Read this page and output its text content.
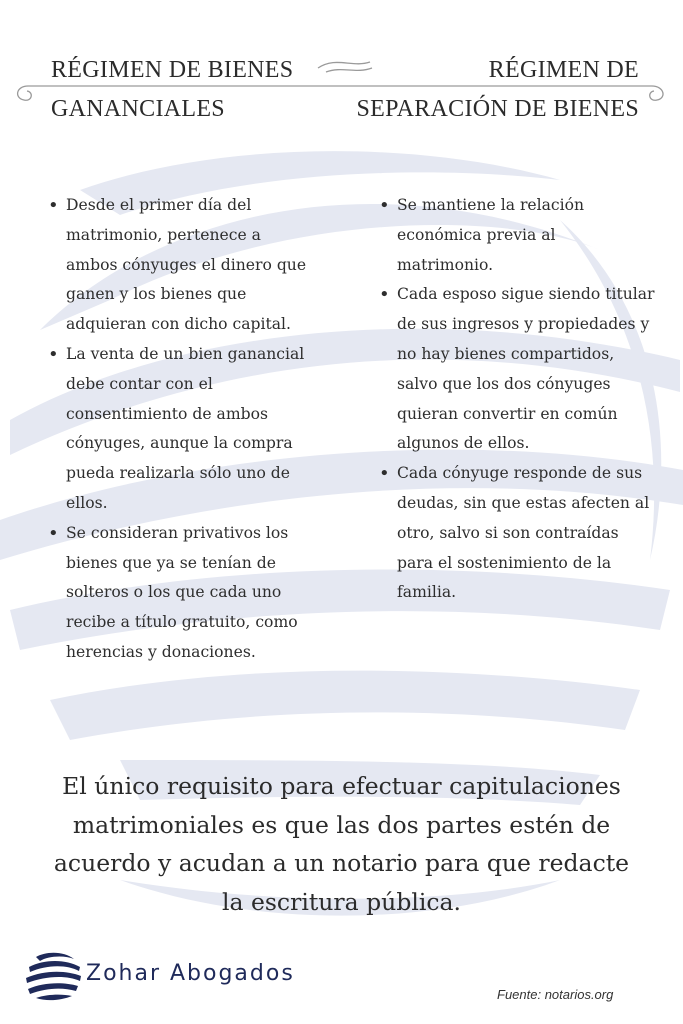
RÉGIMEN DE BIENES
GANANCIALES
RÉGIMEN DE
SEPARACIÓN DE BIENES
• Desde el primer día del matrimonio, pertenece a ambos cónyuges el dinero que ganen y los bienes que adquieran con dicho capital.
• La venta de un bien ganancial debe contar con el consentimiento de ambos cónyuges, aunque la compra pueda realizarla sólo uno de ellos.
• Se consideran privativos los bienes que ya se tenían de solteros o los que cada uno recibe a título gratuito, como herencias y donaciones.
• Se mantiene la relación económica previa al matrimonio.
• Cada esposo sigue siendo titular de sus ingresos y propiedades y no hay bienes compartidos, salvo que los dos cónyuges quieran convertir en común algunos de ellos.
• Cada cónyuge responde de sus deudas, sin que estas afecten al otro, salvo si son contraídas para el sostenimiento de la familia.
El único requisito para efectuar capitulaciones matrimoniales es que las dos partes estén de acuerdo y acudan a un notario para que redacte la escritura pública.
Zohar Abogados
Fuente: notarios.org
